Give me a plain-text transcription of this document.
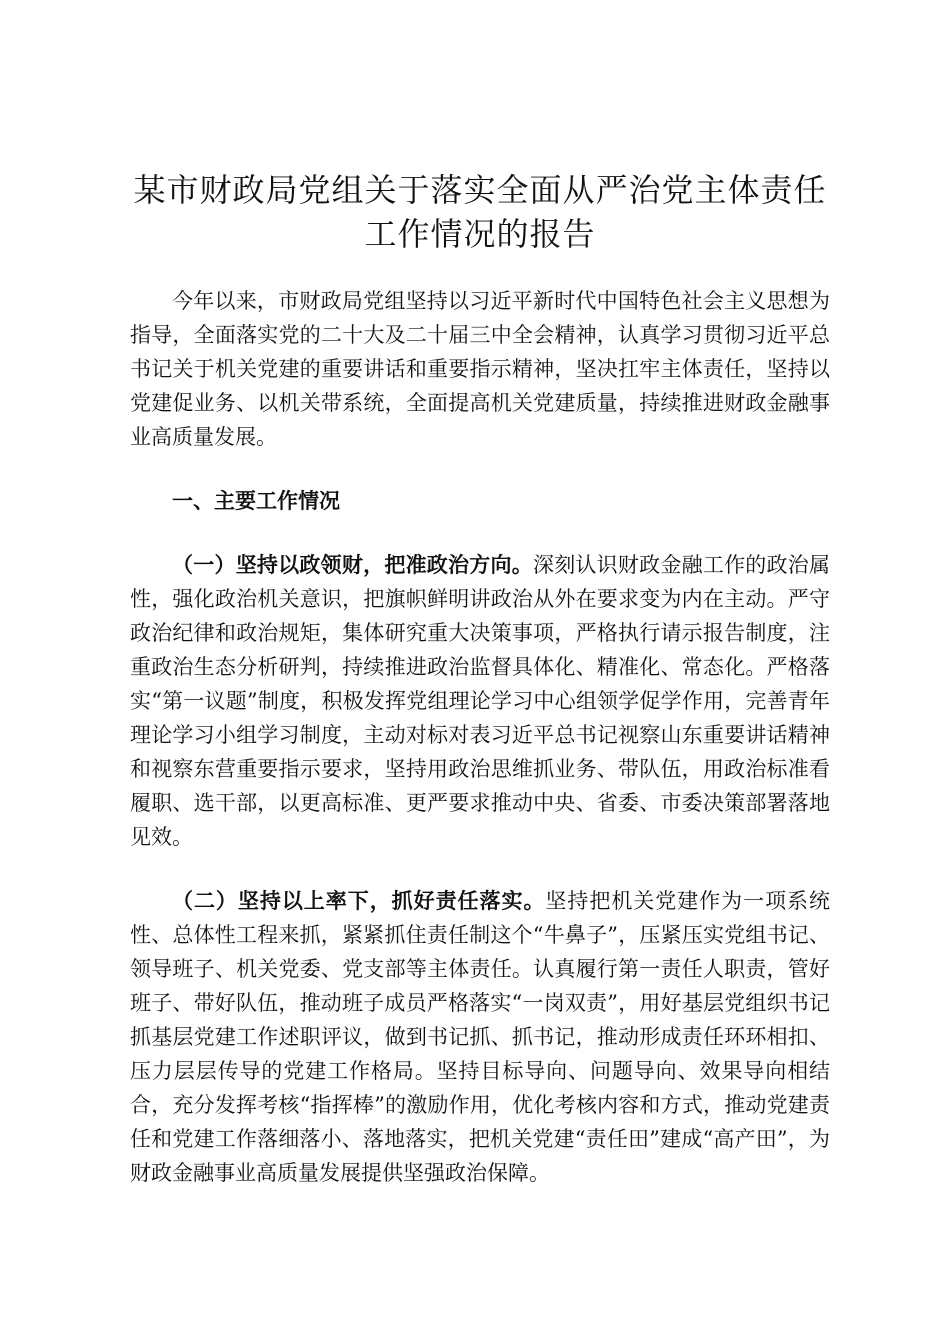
某市财政局党组关于落实全面从严治党主体责任工作情况的报告

今年以来，市财政局党组坚持以习近平新时代中国特色社会主义思想为指导，全面落实党的二十大及二十届三中全会精神，认真学习贯彻习近平总书记关于机关党建的重要讲话和重要指示精神，坚决扛牢主体责任，坚持以党建促业务、以机关带系统，全面提高机关党建质量，持续推进财政金融事业高质量发展。

一、主要工作情况

（一）坚持以政领财，把准政治方向。深刻认识财政金融工作的政治属性，强化政治机关意识，把旗帜鲜明讲政治从外在要求变为内在主动。严守政治纪律和政治规矩，集体研究重大决策事项，严格执行请示报告制度，注重政治生态分析研判，持续推进政治监督具体化、精准化、常态化。严格落实“第一议题”制度，积极发挥党组理论学习中心组领学促学作用，完善青年理论学习小组学习制度，主动对标对表习近平总书记视察山东重要讲话精神和视察东营重要指示要求，坚持用政治思维抓业务、带队伍，用政治标准看履职、选干部，以更高标准、更严要求推动中央、省委、市委决策部署落地见效。

（二）坚持以上率下，抓好责任落实。坚持把机关党建作为一项系统性、总体性工程来抓，紧紧抓住责任制这个“牛鼻子”，压紧压实党组书记、领导班子、机关党委、党支部等主体责任。认真履行第一责任人职责，管好班子、带好队伍，推动班子成员严格落实“一岗双责”，用好基层党组织书记抓基层党建工作述职评议，做到书记抓、抓书记，推动形成责任环环相扣、压力层层传导的党建工作格局。坚持目标导向、问题导向、效果导向相结合，充分发挥考核“指挥棒”的激励作用，优化考核内容和方式，推动党建责任和党建工作落细落小、落地落实，把机关党建“责任田”建成“高产田”，为财政金融事业高质量发展提供坚强政治保障。
